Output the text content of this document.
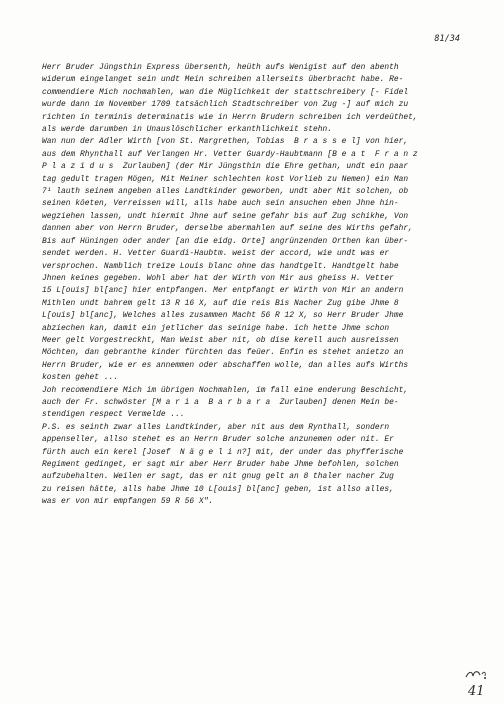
81/34
Herr Bruder Jüngsthin Express übersenth, heüth aufs Wenigist auf den abenth
widerum eingelanget sein undt Mein schreiben allerseits überbracht habe. Re-
commendiere Mich nochmahlen, wan die Müglichkeit der stattschreibery [- Fidel
wurde dann im November 1709 tatsächlich Stadtschreiber von Zug -] auf mich zu
richten in terminis determinatis wie in Herrn Brudern schreiben ich verdeüthet,
als werde darumben in Unauslöschlicher erkanthlichkeit stehn.
Wan nun der Adler Wirth [von St. Margrethen, Tobias  B r a s s e l] von hier,
aus dem Rhynthall auf Verlangen Hr. Vetter Guardy-Haubtmann [B e a t  F r a n z
P l a z i d u s  Zurlauben] (der Mir Jüngsthin die Ehre gethan, undt ein paar
tag gedult tragen Mögen, Mit Meiner schlechten kost Vorlieb zu Nemen) ein Man
7¹ lauth seinem angeben alles Landtkinder geworben, undt aber Mit solchen, ob
seinen köeten, Verreissen will, alls habe auch sein ansuchen eben Jhne hin-
wegziehen lassen, undt hiermit Jhne auf seine gefahr bis auf Zug schikhe, Von
dannen aber von Herrn Bruder, derselbe abermahlen auf seine des Wirths gefahr,
Bis auf Hüningen oder ander [an die eidg. Orte] angrünzenden Orthen kan über-
sendet werden. H. Vetter Guardi-Haubtm. weist der accord, wie undt was er
versprochen. Namblich treize Louis blanc ohne das handtgelt. Handtgelt habe
Jhnen keines gegeben. Wohl aber hat der Wirth von Mir aus gheiss H. Vetter
15 L[ouis] bl[anc] hier entpfangen. Mer entpfangt er Wirth von Mir an andern
Mithlen undt bahrem gelt 13 R 16 X, auf die reis Bis Nacher Zug gibe Jhme 8
L[ouis] bl[anc], Welches alles zusammen Macht 56 R 12 X, so Herr Bruder Jhme
abziechen kan, damit ein jetlicher das seinige habe. ich hette Jhme schon
Meer gelt Vorgestreckht, Man Weist aber nit, ob dise kerell auch ausreissen
Möchten, dan gebranthe kinder fürchten das feüer. Enfin es stehet anietzo an
Herrn Bruder, wie er es annemmen oder abschaffen wolle, dan alles aufs Wirths
kosten gehet ...
Joh recomendiere Mich im übrigen Nochmahlen, im fall eine enderung Beschicht,
auch der Fr. schwöster [M a r i a  B a r b a r a  Zurlauben] denen Mein be-
stendigen respect Vermelde ...
P.S. es seinth zwar alles Landtkinder, aber nit aus dem Rynthall, sondern
appenseller, allso stehet es an Herrn Bruder solche anzunemen oder nit. Er
fürth auch ein kerel [Josef  N ä g e l i n?] mit, der under das phyfferische
Regiment gedinget, er sagt mir aber Herr Bruder habe Jhme befohlen, solchen
aufzubehalten. Weilen er sagt, das er nit gnug gelt an 8 thaler nacher Zug
zu reisen hätte, alls habe Jhme 10 L[ouis] bl[anc] geben, ist allso alles,
was er von mir empfangen 59 R 56 X".
41
